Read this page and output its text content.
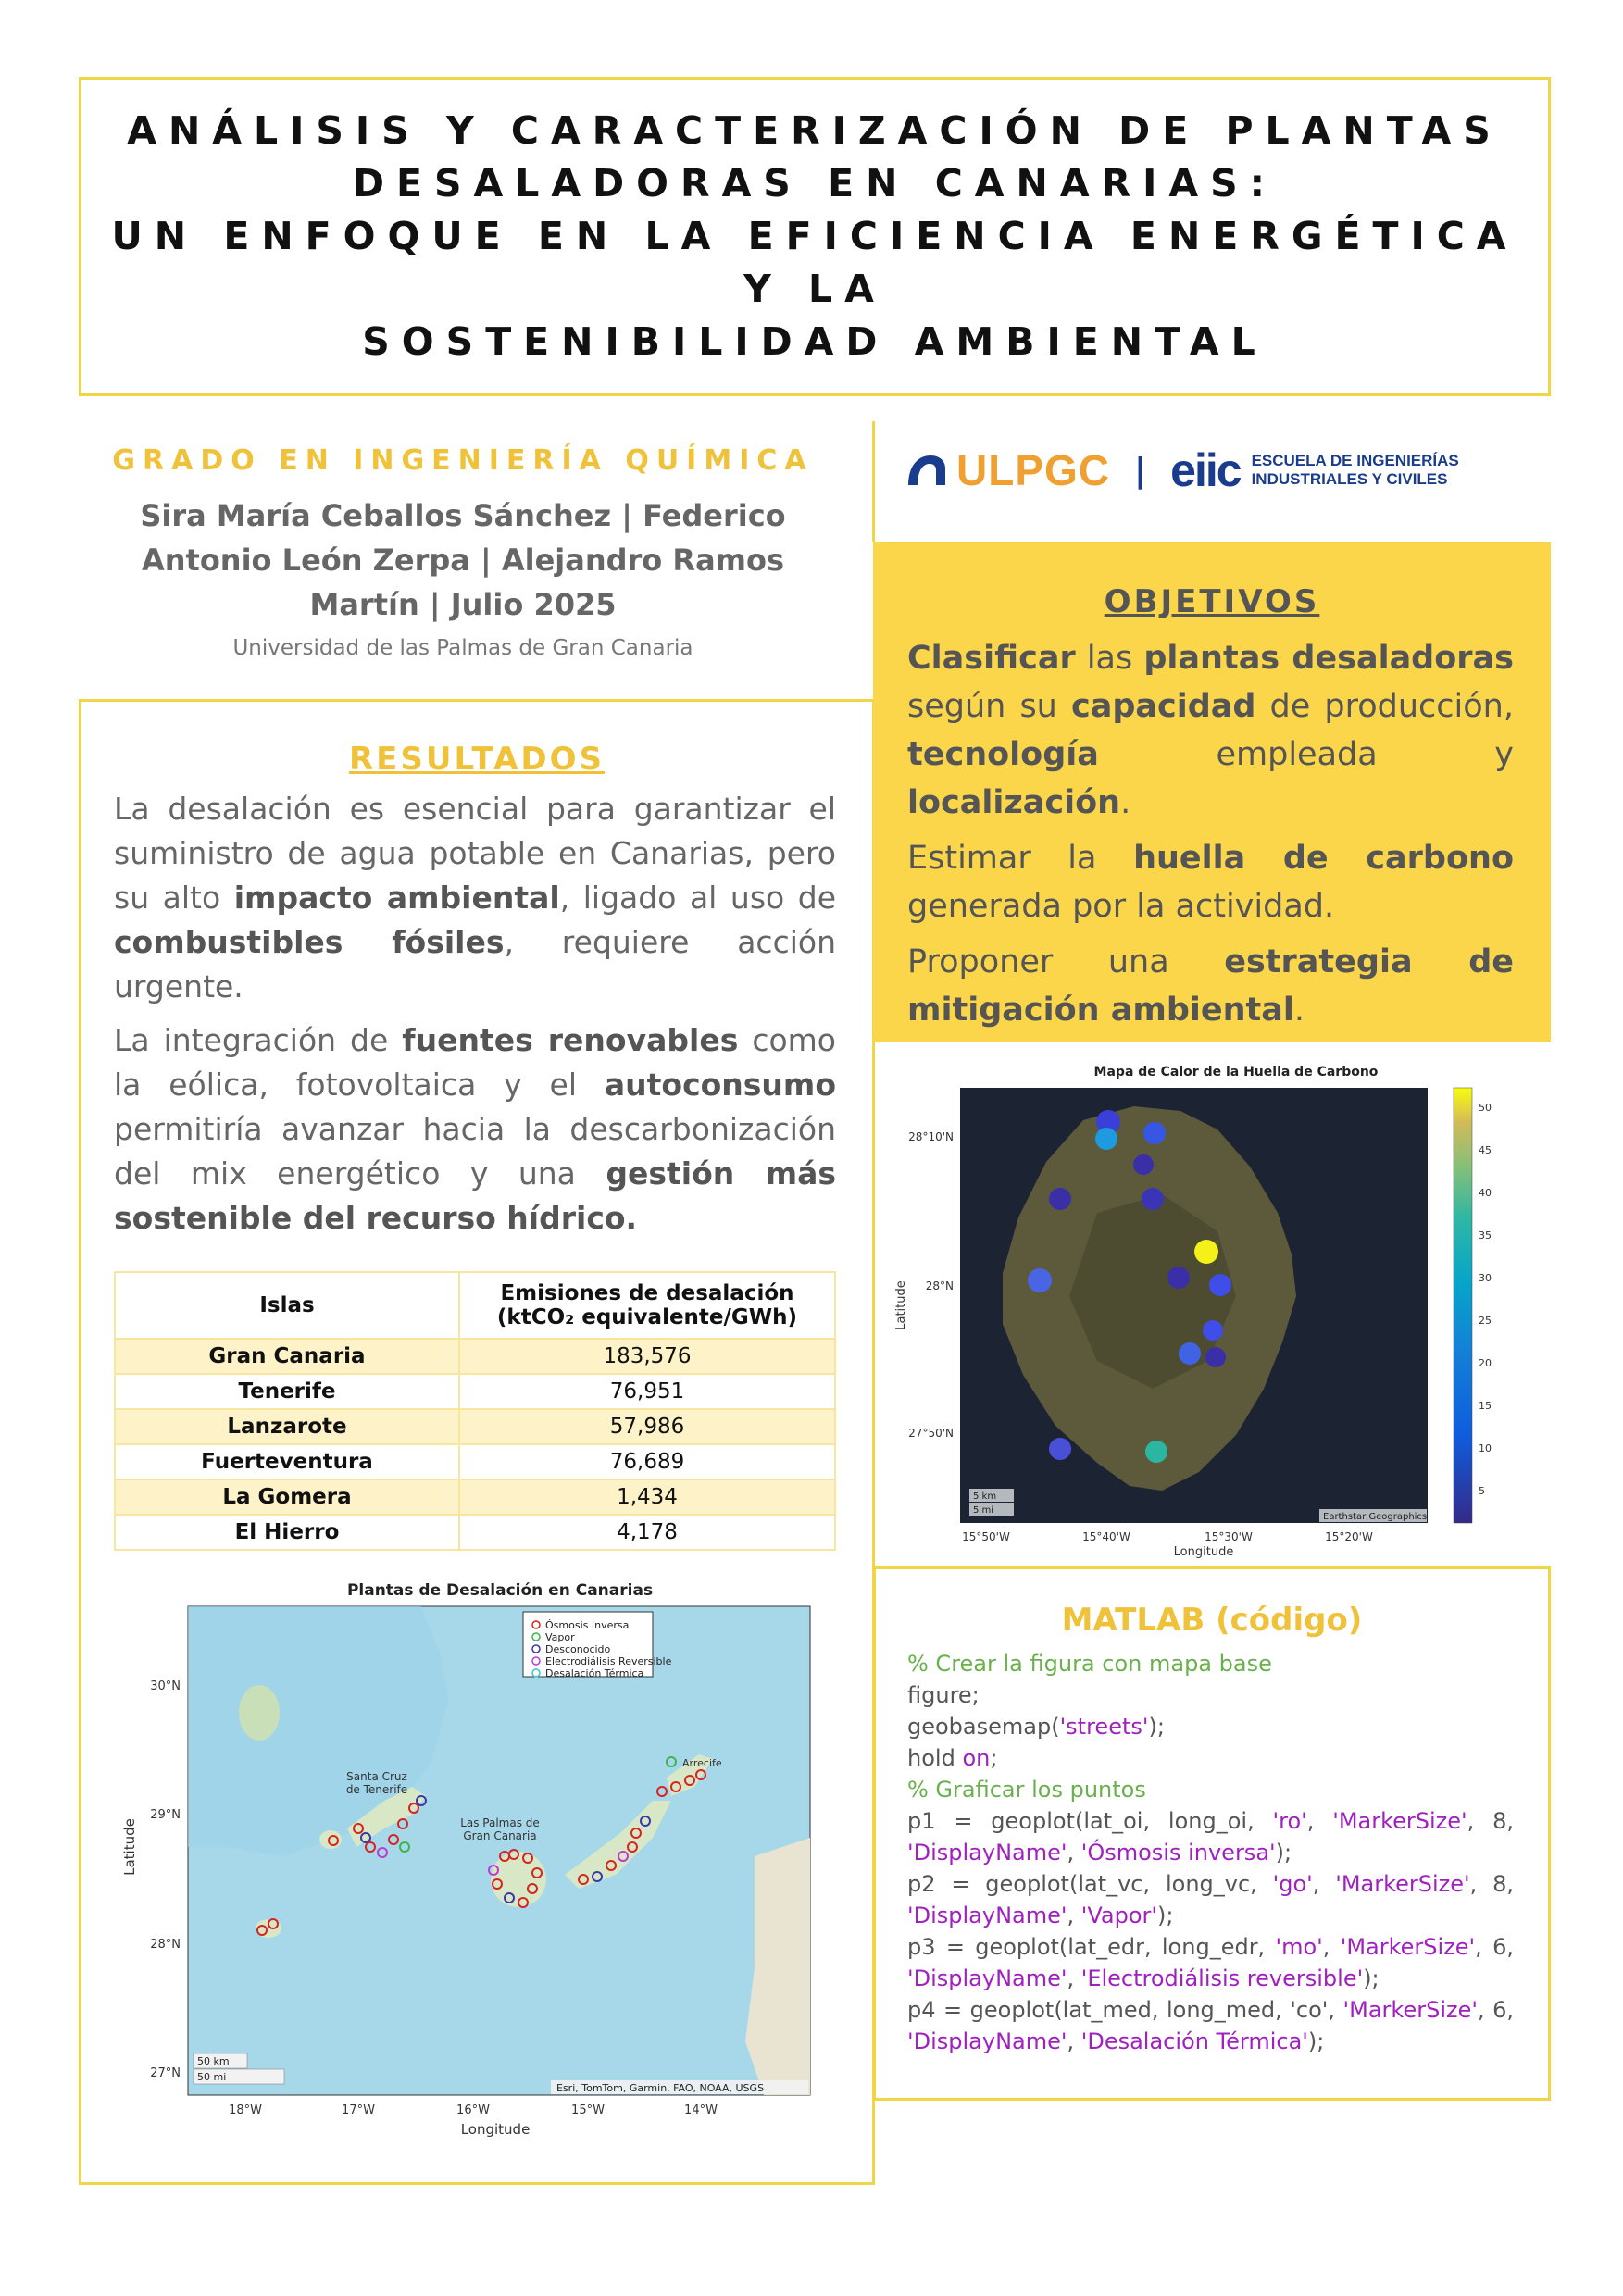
ANÁLISIS Y CARACTERIZACIÓN DE PLANTAS
DESALADORAS EN CANARIAS:
UN ENFOQUE EN LA EFICIENCIA ENERGÉTICA Y LA
SOSTENIBILIDAD AMBIENTAL
GRADO EN INGENIERÍA QUÍMICA
Sira María Ceballos Sánchez | Federico Antonio León Zerpa | Alejandro Ramos Martín | Julio 2025
Universidad de las Palmas de Gran Canaria
ULPGC | eiic ESCUELA DE INGENIERÍAS
INDUSTRIALES Y CIVILES
RESULTADOS

La desalación es esencial para garantizar el suministro de agua potable en Canarias, pero su alto impacto ambiental, ligado al uso de combustibles fósiles, requiere acción urgente.

La integración de fuentes renovables como la eólica, fotovoltaica y el autoconsumo permitiría avanzar hacia la descarbonización del mix energético y una gestión más sostenible del recurso hídrico.

Islas	Emisiones de desalación (ktCO₂ equivalente/GWh)
Gran Canaria	183,576
Tenerife	76,951
Lanzarote	57,986
Fuerteventura	76,689
La Gomera	1,434
El Hierro	4,178
OBJETIVOS

Clasificar las plantas desaladoras según su capacidad de producción, tecnología empleada y localización.

Estimar la huella de carbono generada por la actividad.

Proponer una estrategia de mitigación ambiental.

Mapa de Calor de la Huella de Carbono
5 km
5 mi
Earthstar Geographics
28°10'N
28°N
27°50'N
Latitude
15°50'W	15°40'W	15°30'W	15°20'W
Longitude
50
45
40
35
30
25
20
15
10
5
Plantas de Desalación en Canarias
Santa Cruz
de Tenerife
Las Palmas de
Gran Canaria
Arrecife
Ósmosis Inversa
Vapor
Desconocido
Electrodiálisis Reversible
Desalación Térmica
50 km
50 mi
Esri, TomTom, Garmin, FAO, NOAA, USGS
30°N
29°N
28°N
27°N
Latitude
18°W	17°W	16°W	15°W	14°W
Longitude
MATLAB (código)
% Crear la figura con mapa base
figure;
geobasemap('streets');
hold on;
% Graficar los puntos
p1 = geoplot(lat_oi, long_oi, 'ro', 'MarkerSize', 8, 'DisplayName', 'Ósmosis inversa');
p2 = geoplot(lat_vc, long_vc, 'go', 'MarkerSize', 8, 'DisplayName', 'Vapor');
p3 = geoplot(lat_edr, long_edr, 'mo', 'MarkerSize', 6, 'DisplayName', 'Electrodiálisis reversible');
p4 = geoplot(lat_med, long_med, 'co', 'MarkerSize', 6, 'DisplayName', 'Desalación Térmica');
